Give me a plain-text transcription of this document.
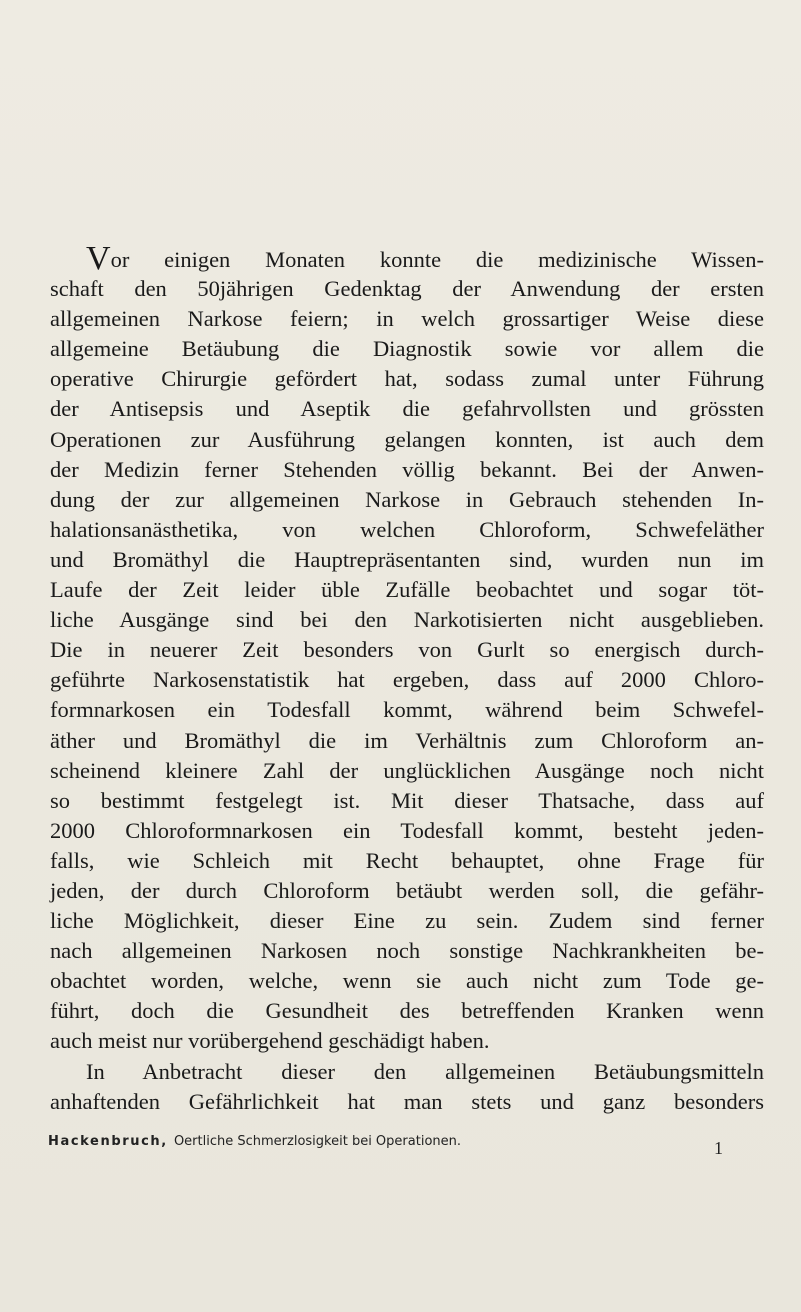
Vor einigen Monaten konnte die medizinische Wissen-
schaft den 50jährigen Gedenktag der Anwendung der ersten
allgemeinen Narkose feiern; in welch grossartiger Weise diese
allgemeine Betäubung die Diagnostik sowie vor allem die
operative Chirurgie gefördert hat, sodass zumal unter Führung
der Antisepsis und Aseptik die gefahrvollsten und grössten
Operationen zur Ausführung gelangen konnten, ist auch dem
der Medizin ferner Stehenden völlig bekannt. Bei der Anwen-
dung der zur allgemeinen Narkose in Gebrauch stehenden In-
halationsanästhetika, von welchen Chloroform, Schwefeläther
und Bromäthyl die Hauptrepräsentanten sind, wurden nun im
Laufe der Zeit leider üble Zufälle beobachtet und sogar töt-
liche Ausgänge sind bei den Narkotisierten nicht ausgeblieben.
Die in neuerer Zeit besonders von Gurlt so energisch durch-
geführte Narkosenstatistik hat ergeben, dass auf 2000 Chloro-
formnarkosen ein Todesfall kommt, während beim Schwefel-
äther und Bromäthyl die im Verhältnis zum Chloroform an-
scheinend kleinere Zahl der unglücklichen Ausgänge noch nicht
so bestimmt festgelegt ist. Mit dieser Thatsache, dass auf
2000 Chloroformnarkosen ein Todesfall kommt, besteht jeden-
falls, wie Schleich mit Recht behauptet, ohne Frage für
jeden, der durch Chloroform betäubt werden soll, die gefähr-
liche Möglichkeit, dieser Eine zu sein. Zudem sind ferner
nach allgemeinen Narkosen noch sonstige Nachkrankheiten be-
obachtet worden, welche, wenn sie auch nicht zum Tode ge-
führt, doch die Gesundheit des betreffenden Kranken wenn
auch meist nur vorübergehend geschädigt haben.
In Anbetracht dieser den allgemeinen Betäubungsmitteln
anhaftenden Gefährlichkeit hat man stets und ganz besonders
Hackenbruch, Oertliche Schmerzlosigkeit bei Operationen.	1
